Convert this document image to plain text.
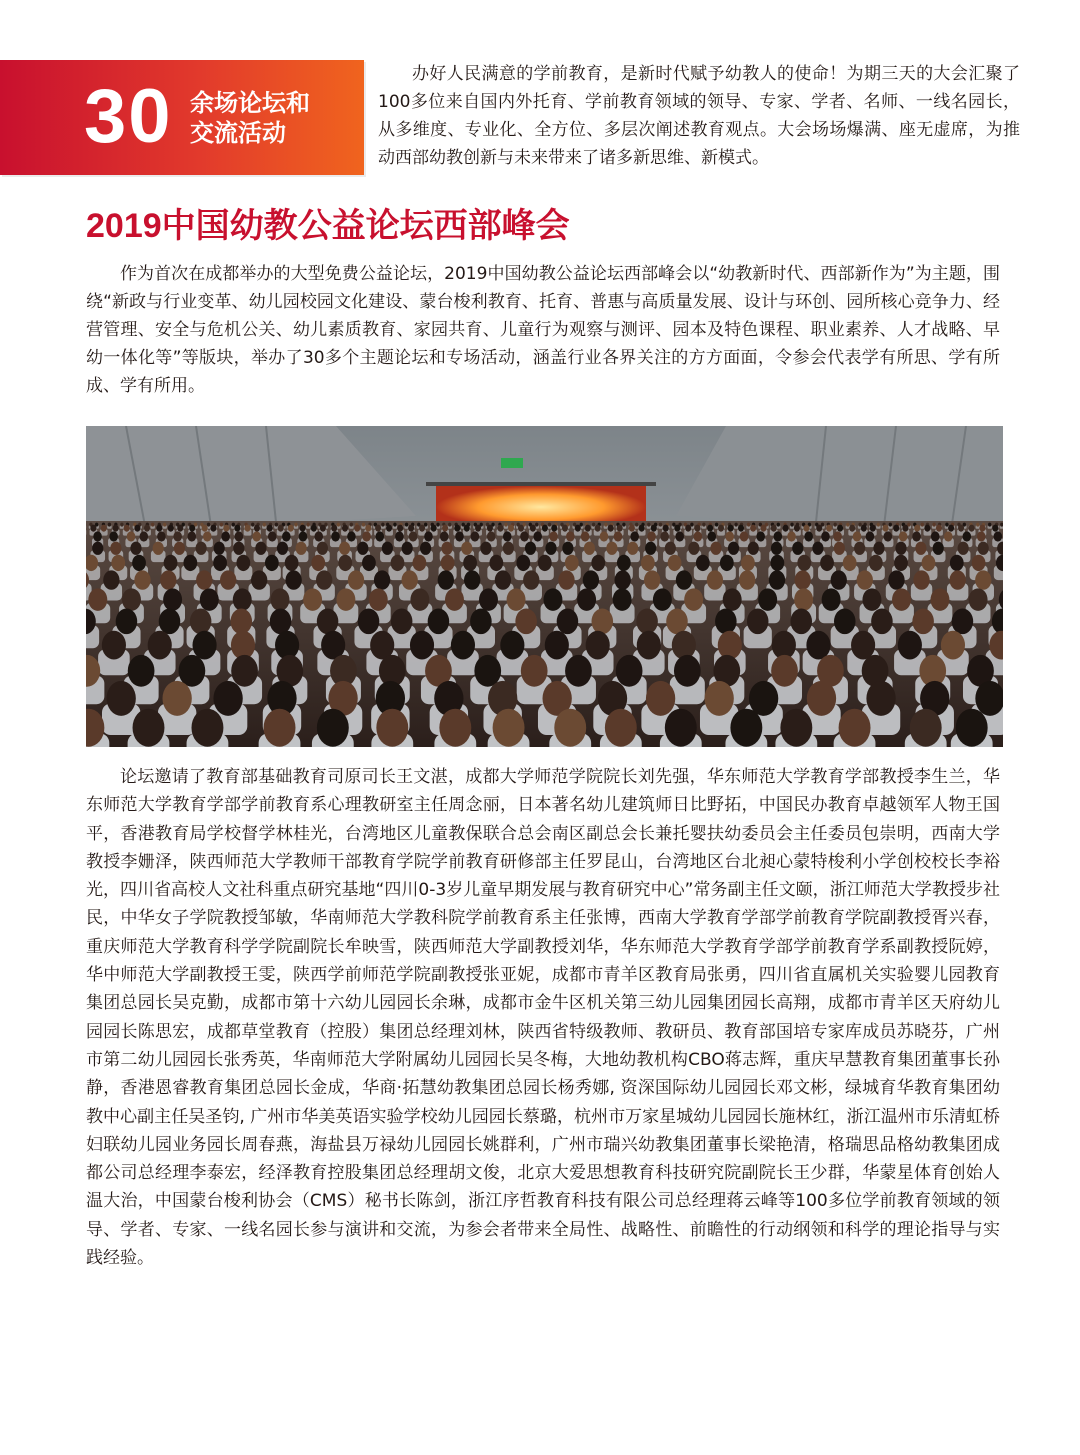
30 余场论坛和
交流活动
办好人民满意的学前教育，是新时代赋予幼教人的使命！为期三天的大会汇聚了100多位来自国内外托育、学前教育领域的领导、专家、学者、名师、一线名园长，从多维度、专业化、全方位、多层次阐述教育观点。大会场场爆满、座无虚席，为推动西部幼教创新与未来带来了诸多新思维、新模式。
2019中国幼教公益论坛西部峰会
作为首次在成都举办的大型免费公益论坛，2019中国幼教公益论坛西部峰会以“幼教新时代、西部新作为”为主题，围绕“新政与行业变革、幼儿园校园文化建设、蒙台梭利教育、托育、普惠与高质量发展、设计与环创、园所核心竞争力、经营管理、安全与危机公关、幼儿素质教育、家园共育、儿童行为观察与测评、园本及特色课程、职业素养、人才战略、早幼一体化等”等版块，举办了30多个主题论坛和专场活动，涵盖行业各界关注的方方面面，令参会代表学有所思、学有所成、学有所用。
论坛邀请了教育部基础教育司原司长王文湛，成都大学师范学院院长刘先强，华东师范大学教育学部教授李生兰，华东师范大学教育学部学前教育系心理教研室主任周念丽，日本著名幼儿建筑师日比野拓，中国民办教育卓越领军人物王国平，香港教育局学校督学林桂光，台湾地区儿童教保联合总会南区副总会长兼托婴扶幼委员会主任委员包崇明，西南大学教授李姗泽，陕西师范大学教师干部教育学院学前教育研修部主任罗昆山，台湾地区台北昶心蒙特梭利小学创校校长李裕光，四川省高校人文社科重点研究基地“四川0-3岁儿童早期发展与教育研究中心”常务副主任文颐，浙江师范大学教授步社民，中华女子学院教授邹敏，华南师范大学教科院学前教育系主任张博，西南大学教育学部学前教育学院副教授胥兴春，重庆师范大学教育科学学院副院长牟映雪，陕西师范大学副教授刘华，华东师范大学教育学部学前教育学系副教授阮婷，华中师范大学副教授王雯，陕西学前师范学院副教授张亚妮，成都市青羊区教育局张勇，四川省直属机关实验婴儿园教育集团总园长吴克勤，成都市第十六幼儿园园长余琳，成都市金牛区机关第三幼儿园集团园长高翔，成都市青羊区天府幼儿园园长陈思宏，成都草堂教育（控股）集团总经理刘林，陕西省特级教师、教研员、教育部国培专家库成员苏晓芬，广州市第二幼儿园园长张秀英，华南师范大学附属幼儿园园长吴冬梅，大地幼教机构CBO蒋志辉，重庆早慧教育集团董事长孙静，香港恩睿教育集团总园长金成，华商·拓慧幼教集团总园长杨秀娜, 资深国际幼儿园园长邓文彬，绿城育华教育集团幼教中心副主任吴圣钧, 广州市华美英语实验学校幼儿园园长蔡璐，杭州市万家星城幼儿园园长施林红，浙江温州市乐清虹桥妇联幼儿园业务园长周春燕，海盐县万禄幼儿园园长姚群利，广州市瑞兴幼教集团董事长梁艳清，格瑞思品格幼教集团成都公司总经理李泰宏，经泽教育控股集团总经理胡文俊，北京大爱思想教育科技研究院副院长王少群，华蒙星体育创始人温大治，中国蒙台梭利协会（CMS）秘书长陈剑，浙江序哲教育科技有限公司总经理蒋云峰等100多位学前教育领域的领导、学者、专家、一线名园长参与演讲和交流，为参会者带来全局性、战略性、前瞻性的行动纲领和科学的理论指导与实践经验。
